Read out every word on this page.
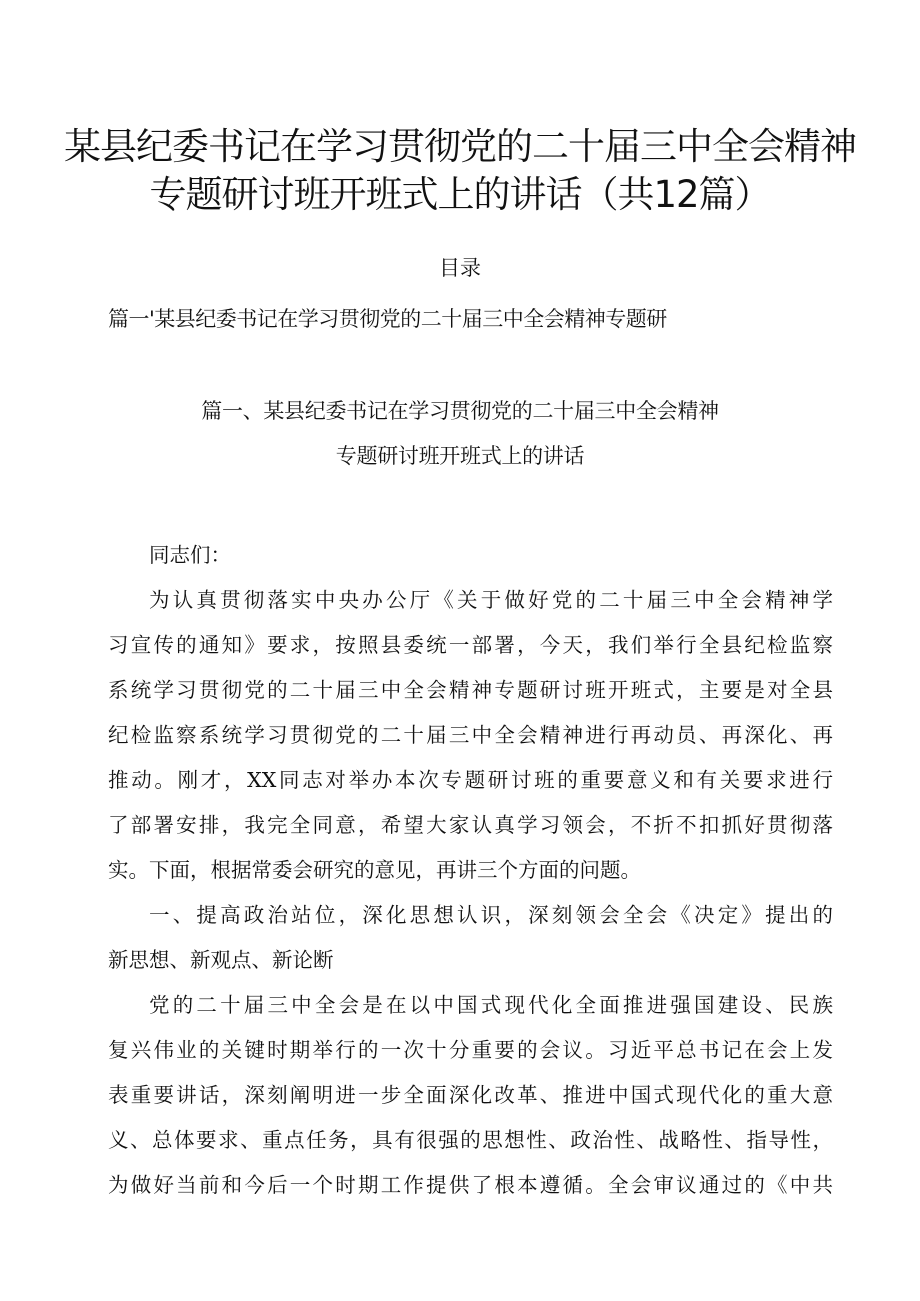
某县纪委书记在学习贯彻党的二十届三中全会精神
专题研讨班开班式上的讲话（共12篇）
目录
篇一'某县纪委书记在学习贯彻党的二十届三中全会精神专题研
篇一、某县纪委书记在学习贯彻党的二十届三中全会精神
专题研讨班开班式上的讲话
同志们：
为认真贯彻落实中央办公厅《关于做好党的二十届三中全会精神学
习宣传的通知》要求，按照县委统一部署，今天，我们举行全县纪检监察
系统学习贯彻党的二十届三中全会精神专题研讨班开班式，主要是对全县
纪检监察系统学习贯彻党的二十届三中全会精神进行再动员、再深化、再
推动。刚才，XX同志对举办本次专题研讨班的重要意义和有关要求进行
了部署安排，我完全同意，希望大家认真学习领会，不折不扣抓好贯彻落
实。下面，根据常委会研究的意见，再讲三个方面的问题。
一、提高政治站位，深化思想认识，深刻领会全会《决定》提出的
新思想、新观点、新论断
党的二十届三中全会是在以中国式现代化全面推进强国建设、民族
复兴伟业的关键时期举行的一次十分重要的会议。习近平总书记在会上发
表重要讲话，深刻阐明进一步全面深化改革、推进中国式现代化的重大意
义、总体要求、重点任务，具有很强的思想性、政治性、战略性、指导性，
为做好当前和今后一个时期工作提供了根本遵循。全会审议通过的《中共
